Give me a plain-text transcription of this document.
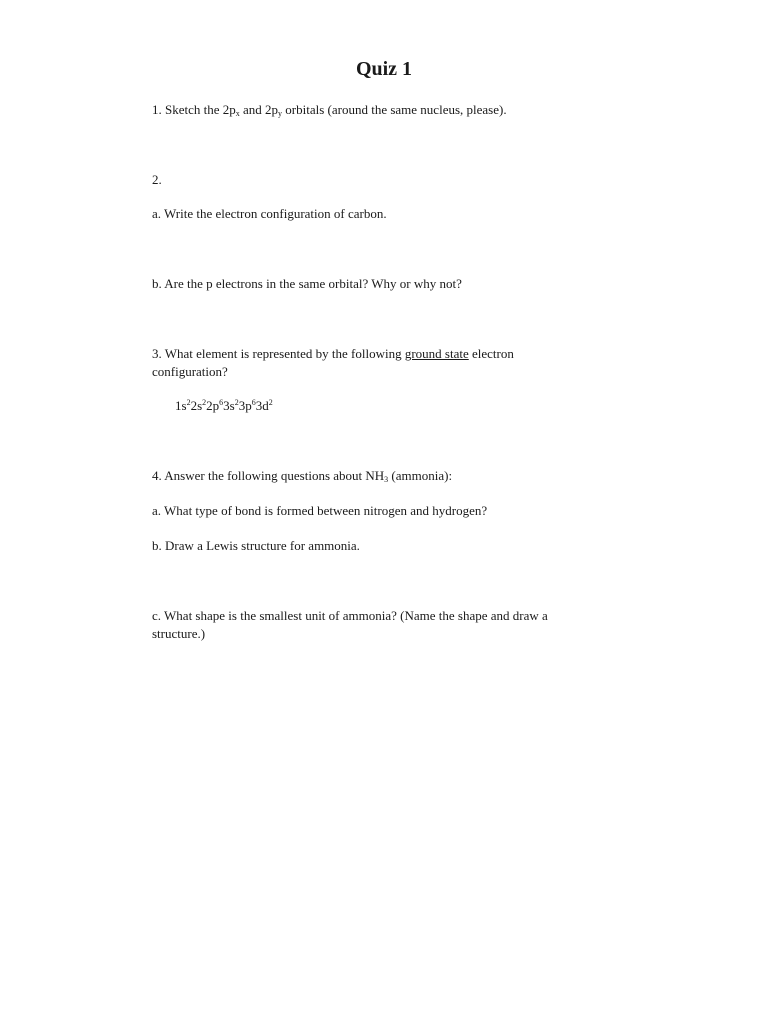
Quiz 1
1. Sketch the $2p_x$ and $2p_y$ orbitals (around the same nucleus, please).
2.
a. Write the electron configuration of carbon.
b. Are the p electrons in the same orbital? Why or why not?
3. What element is represented by the following ground state electron
configuration?
$1s^22s^22p^63s^23p^63d^2$
4. Answer the following questions about $NH_3$ (ammonia):
a. What type of bond is formed between nitrogen and hydrogen?
b. Draw a Lewis structure for ammonia.
c. What shape is the smallest unit of ammonia? (Name the shape and draw a
structure.)
